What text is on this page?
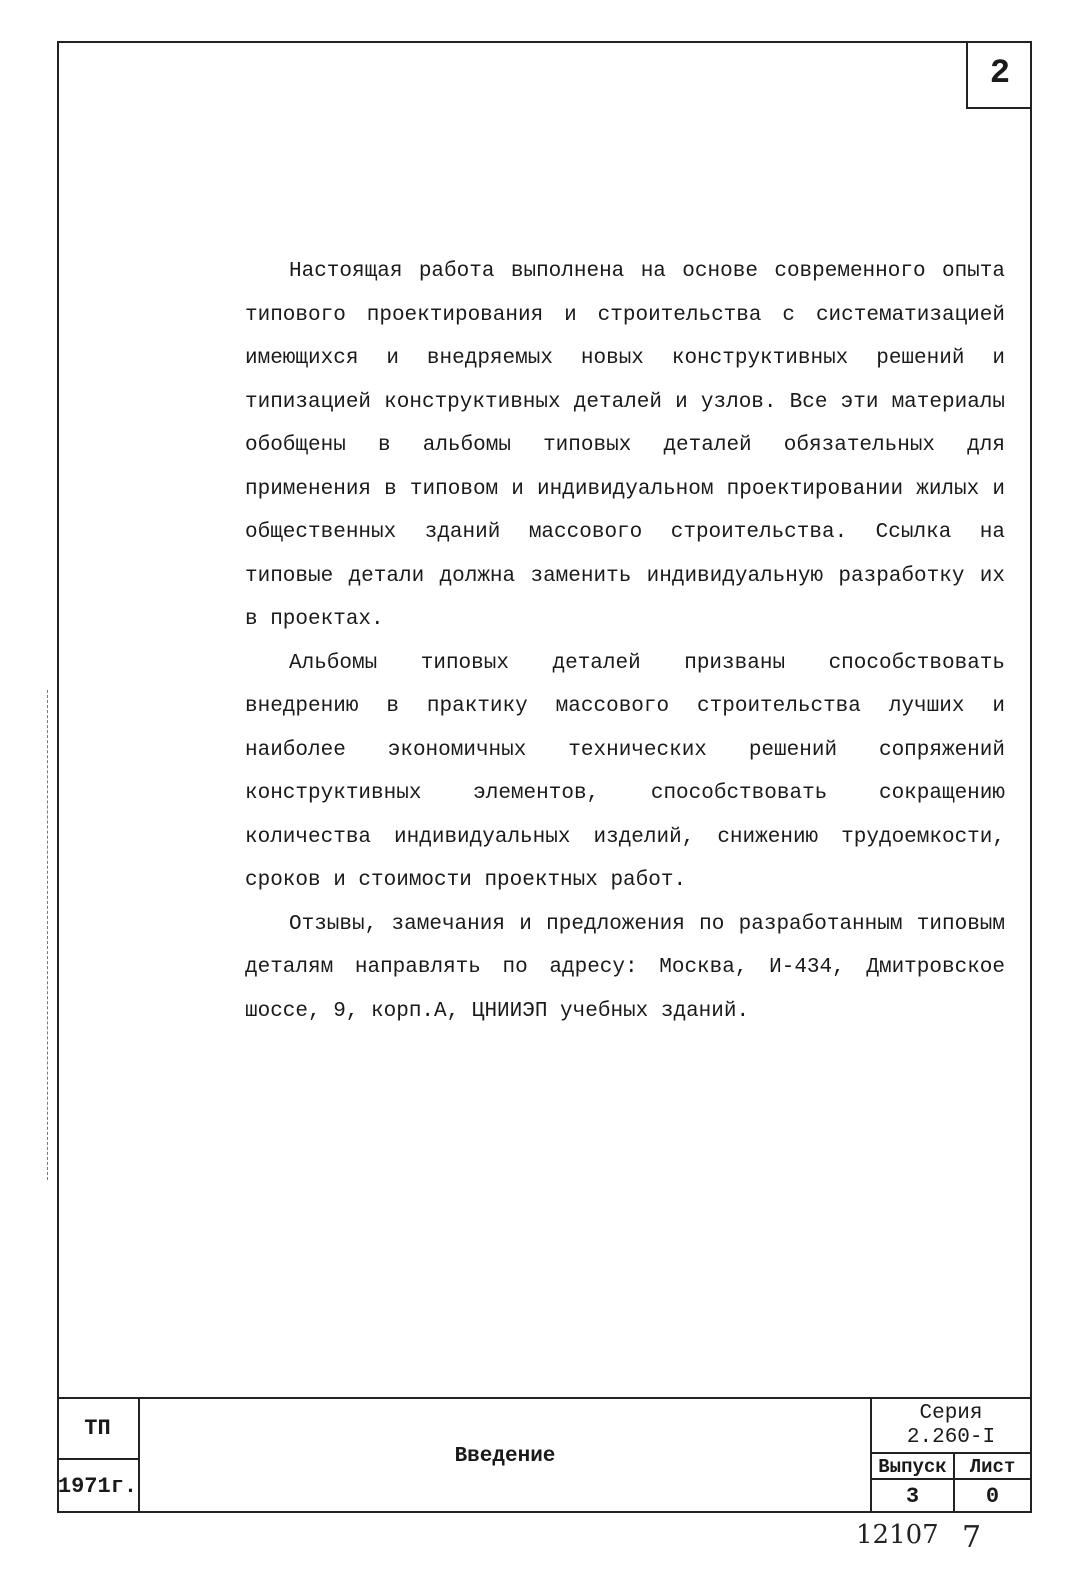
2

Настоящая работа выполнена на основе современного опыта типового проектирования и строительства с систематизацией имеющихся и внедряемых новых конструктивных решений и типизацией конструктивных деталей и узлов. Все эти материалы обобщены в альбомы типовых деталей обязательных для применения в типовом и индивидуальном проектировании жилых и общественных зданий массового строительства. Ссылка на типовые детали должна заменить индивидуальную разработку их в проектах.

Альбомы типовых деталей призваны способствовать внедрению в практику массового строительства лучших и наиболее экономичных технических решений сопряжений конструктивных элементов, способствовать сокращению количества индивидуальных изделий, снижению трудоемкости, сроков и стоимости проектных работ.

Отзывы, замечания и предложения по разработанным типовым деталям направлять по адресу: Москва, И-434, Дмитровское шоссе, 9, корп.А, ЦНИИЭП учебных зданий.

ТП
1971г.
Введение
Серия
2.260-I
Выпуск	Лист
3	0
12107 7
